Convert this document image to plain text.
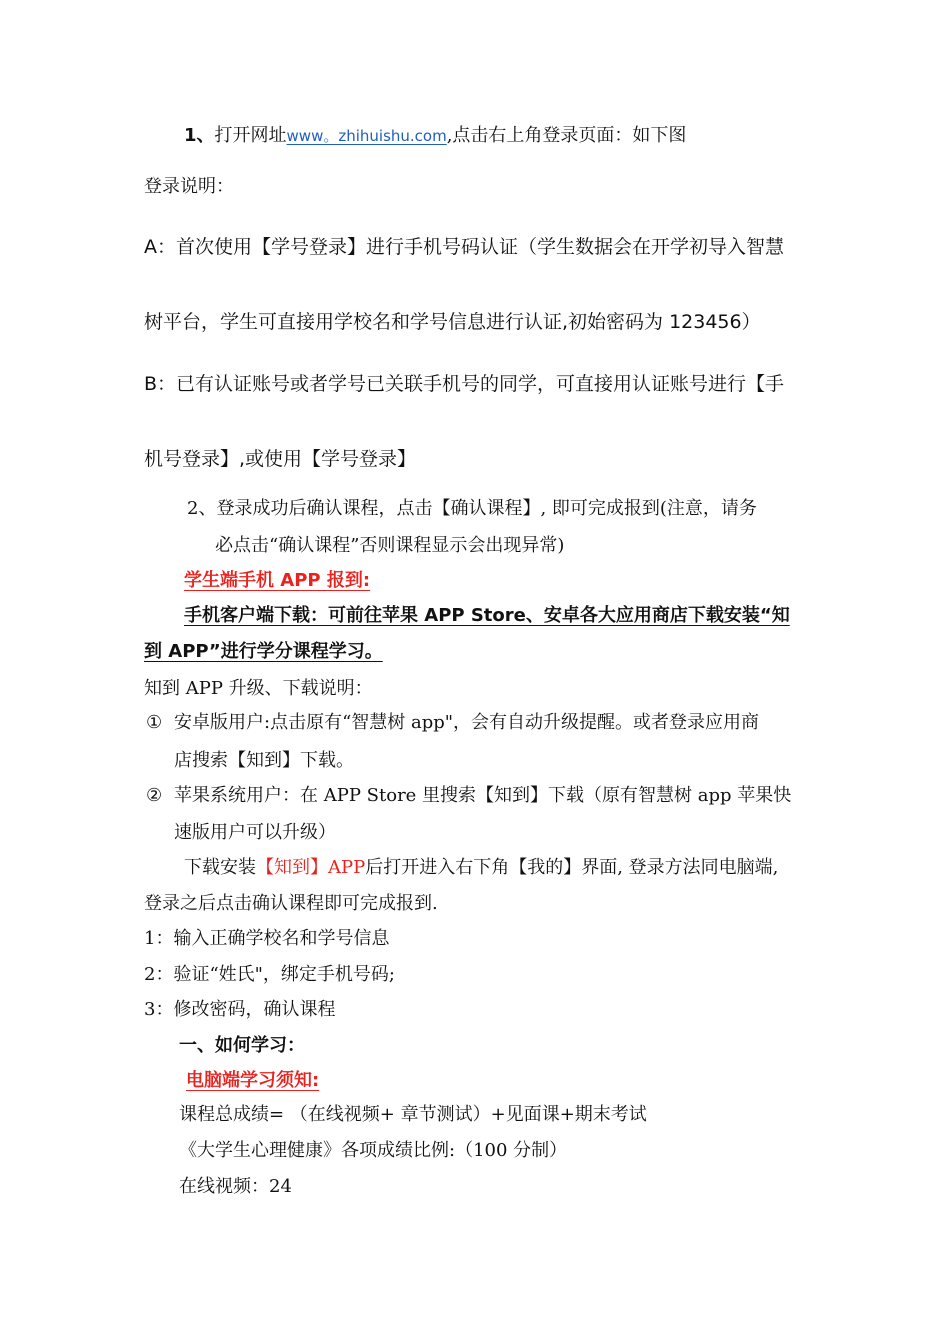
1、打开网址www。zhihuishu.com,点击右上角登录页面：如下图
登录说明：
A：首次使用【学号登录】进行手机号码认证（学生数据会在开学初导入智慧
树平台，学生可直接用学校名和学号信息进行认证,初始密码为 123456）
B：已有认证账号或者学号已关联手机号的同学，可直接用认证账号进行【手
机号登录】,或使用【学号登录】
2、登录成功后确认课程，点击【确认课程】, 即可完成报到(注意，请务
必点击“确认课程”否则课程显示会出现异常)
学生端手机 APP 报到:
手机客户端下载：可前往苹果 APP Store、安卓各大应用商店下载安装“知
到 APP”进行学分课程学习。
知到 APP 升级、下载说明：
① 安卓版用户:点击原有“智慧树 app"，会有自动升级提醒。或者登录应用商
店搜索【知到】下载。
② 苹果系统用户：在 APP Store 里搜索【知到】下载（原有智慧树 app 苹果快
速版用户可以升级）
下载安装【知到】APP后打开进入右下角【我的】界面, 登录方法同电脑端,
登录之后点击确认课程即可完成报到.
1：输入正确学校名和学号信息
2：验证“姓氏"，绑定手机号码;
3：修改密码，确认课程
一、如何学习：
电脑端学习须知:
课程总成绩= （在线视频+ 章节测试）+见面课+期末考试
《大学生心理健康》各项成绩比例:（100 分制）
在线视频：24
